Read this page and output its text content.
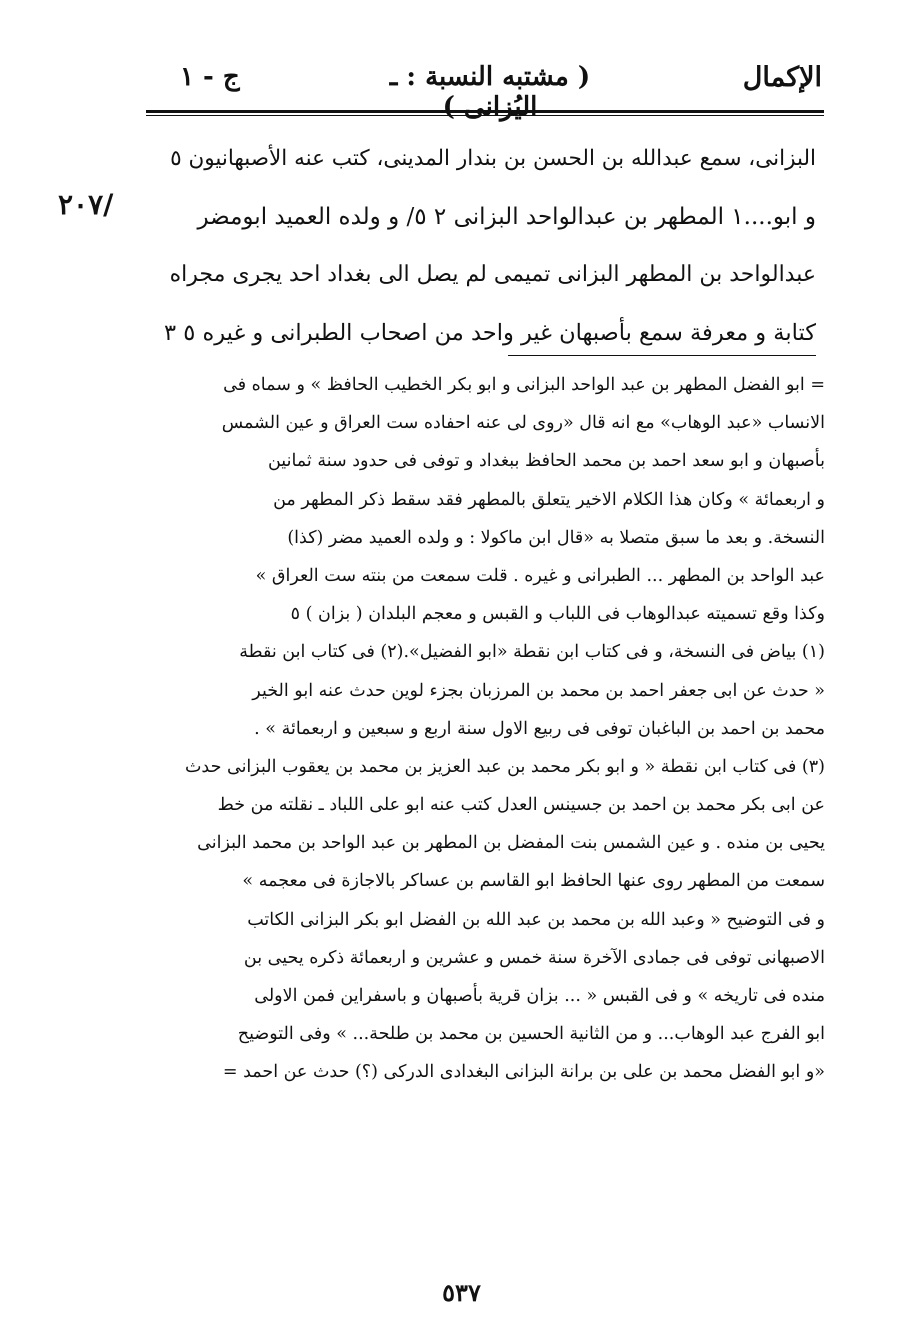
الإكمال
( مشتبه النسبة : ـ اليُزانى )
ج - ١
٢٠٧/
البزانى، سمع عبدالله بن الحسن بن بندار المدينى، كتب عنه الأصبهانيون ٥
و ابو....١ المطهر بن عبدالواحد البزانى ٢ ٥/ و ولده العميد ابومضر
عبدالواحد بن المطهر البزانى تميمى لم يصل الى بغداد احد يجرى مجراه
كتابة و معرفة سمع بأصبهان غير واحد من اصحاب الطبرانى و غيره ٥ ٣
= ابو الفضل المطهر بن عبد الواحد البزانى و ابو بكر الخطيب الحافظ » و سماه فى
الانساب «عبد الوهاب» مع انه قال «روى لى عنه احفاده ست العراق و عين الشمس
بأصبهان و ابو سعد احمد بن محمد الحافظ ببغداد و توفى فى حدود سنة ثمانين
و اربعمائة » وكان هذا الكلام الاخير يتعلق بالمطهر فقد سقط ذكر المطهر من
النسخة. و بعد ما سبق متصلا به «قال ابن ماكولا : و ولده العميد مضر (كذا)
عبد الواحد بن المطهر ... الطبرانى و غيره . قلت سمعت من بنته ست العراق »
وكذا وقع تسميته عبدالوهاب فى اللباب و القبس و معجم البلدان ( بزان ) ٥
(١) بياض فى النسخة، و فى كتاب ابن نقطة «ابو الفضيل».(٢) فى كتاب ابن نقطة
« حدث عن ابى جعفر احمد بن محمد بن المرزبان بجزء لوين حدث عنه ابو الخير
محمد بن احمد بن الباغبان توفى فى ربيع الاول سنة اربع و سبعين و اربعمائة » .
(٣) فى كتاب ابن نقطة « و ابو بكر محمد بن عبد العزيز بن محمد بن يعقوب البزانى حدث
عن ابى بكر محمد بن احمد بن جسينس العدل كتب عنه ابو على اللباد ـ نقلته من خط
يحيى بن منده . و عين الشمس بنت المفضل بن المطهر بن عبد الواحد بن محمد البزانى
سمعت من المطهر روى عنها الحافظ ابو القاسم بن عساكر بالاجازة فى معجمه »
و فى التوضيح « وعبد الله بن محمد بن عبد الله بن الفضل ابو بكر البزانى الكاتب
الاصبهانى توفى فى جمادى الآخرة سنة خمس و عشرين و اربعمائة ذكره يحيى بن
منده فى تاريخه » و فى القبس « ... بزان قرية بأصبهان و باسفراين فمن الاولى
ابو الفرج عبد الوهاب... و من الثانية الحسين بن محمد بن طلحة... » وفى التوضيح
«و ابو الفضل محمد بن على بن برانة البزانى البغدادى الدركى (؟) حدث عن احمد =
٥٣٧
